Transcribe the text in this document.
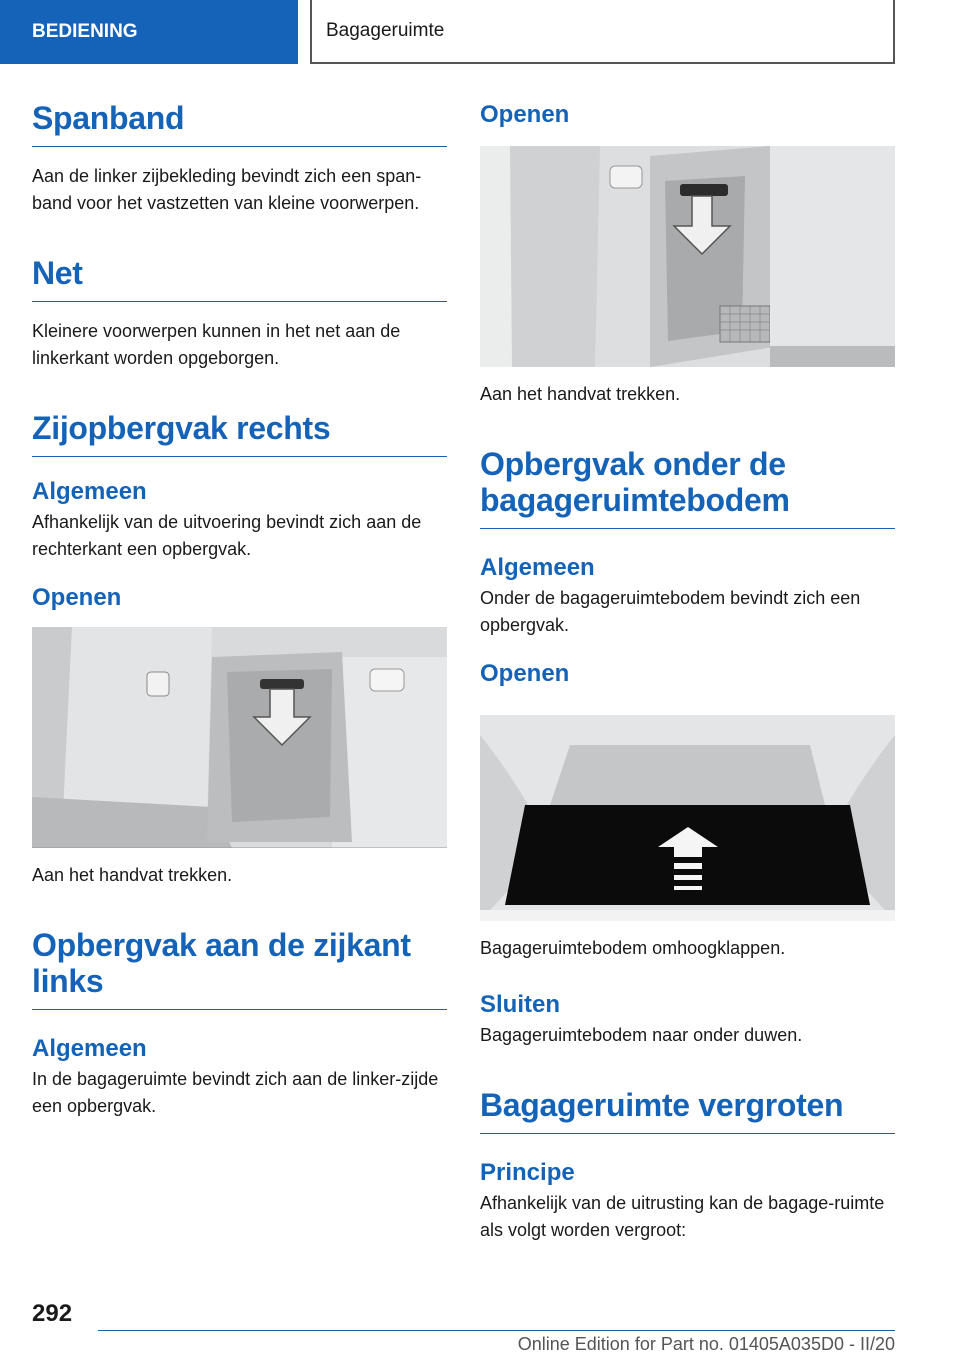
BEDIENING	Bagageruimte
Spanband

Aan de linker zijbekleding bevindt zich een span-band voor het vastzetten van kleine voorwerpen.

Net

Kleinere voorwerpen kunnen in het net aan de linkerkant worden opgeborgen.

Zijopbergvak rechts
Algemeen

Afhankelijk van de uitvoering bevindt zich aan de rechterkant een opbergvak.

Openen

Aan het handvat trekken.

Opbergvak aan de zijkant links
Algemeen

In de bagageruimte bevindt zich aan de linker-zijde een opbergvak.

Openen

Aan het handvat trekken.

Opbergvak onder de bagageruimtebodem
Algemeen

Onder de bagageruimtebodem bevindt zich een opbergvak.

Openen

Bagageruimtebodem omhoogklappen.

Sluiten

Bagageruimtebodem naar onder duwen.

Bagageruimte vergroten
Principe

Afhankelijk van de uitrusting kan de bagage-ruimte als volgt worden vergroot:

292
Online Edition for Part no. 01405A035D0 - II/20
